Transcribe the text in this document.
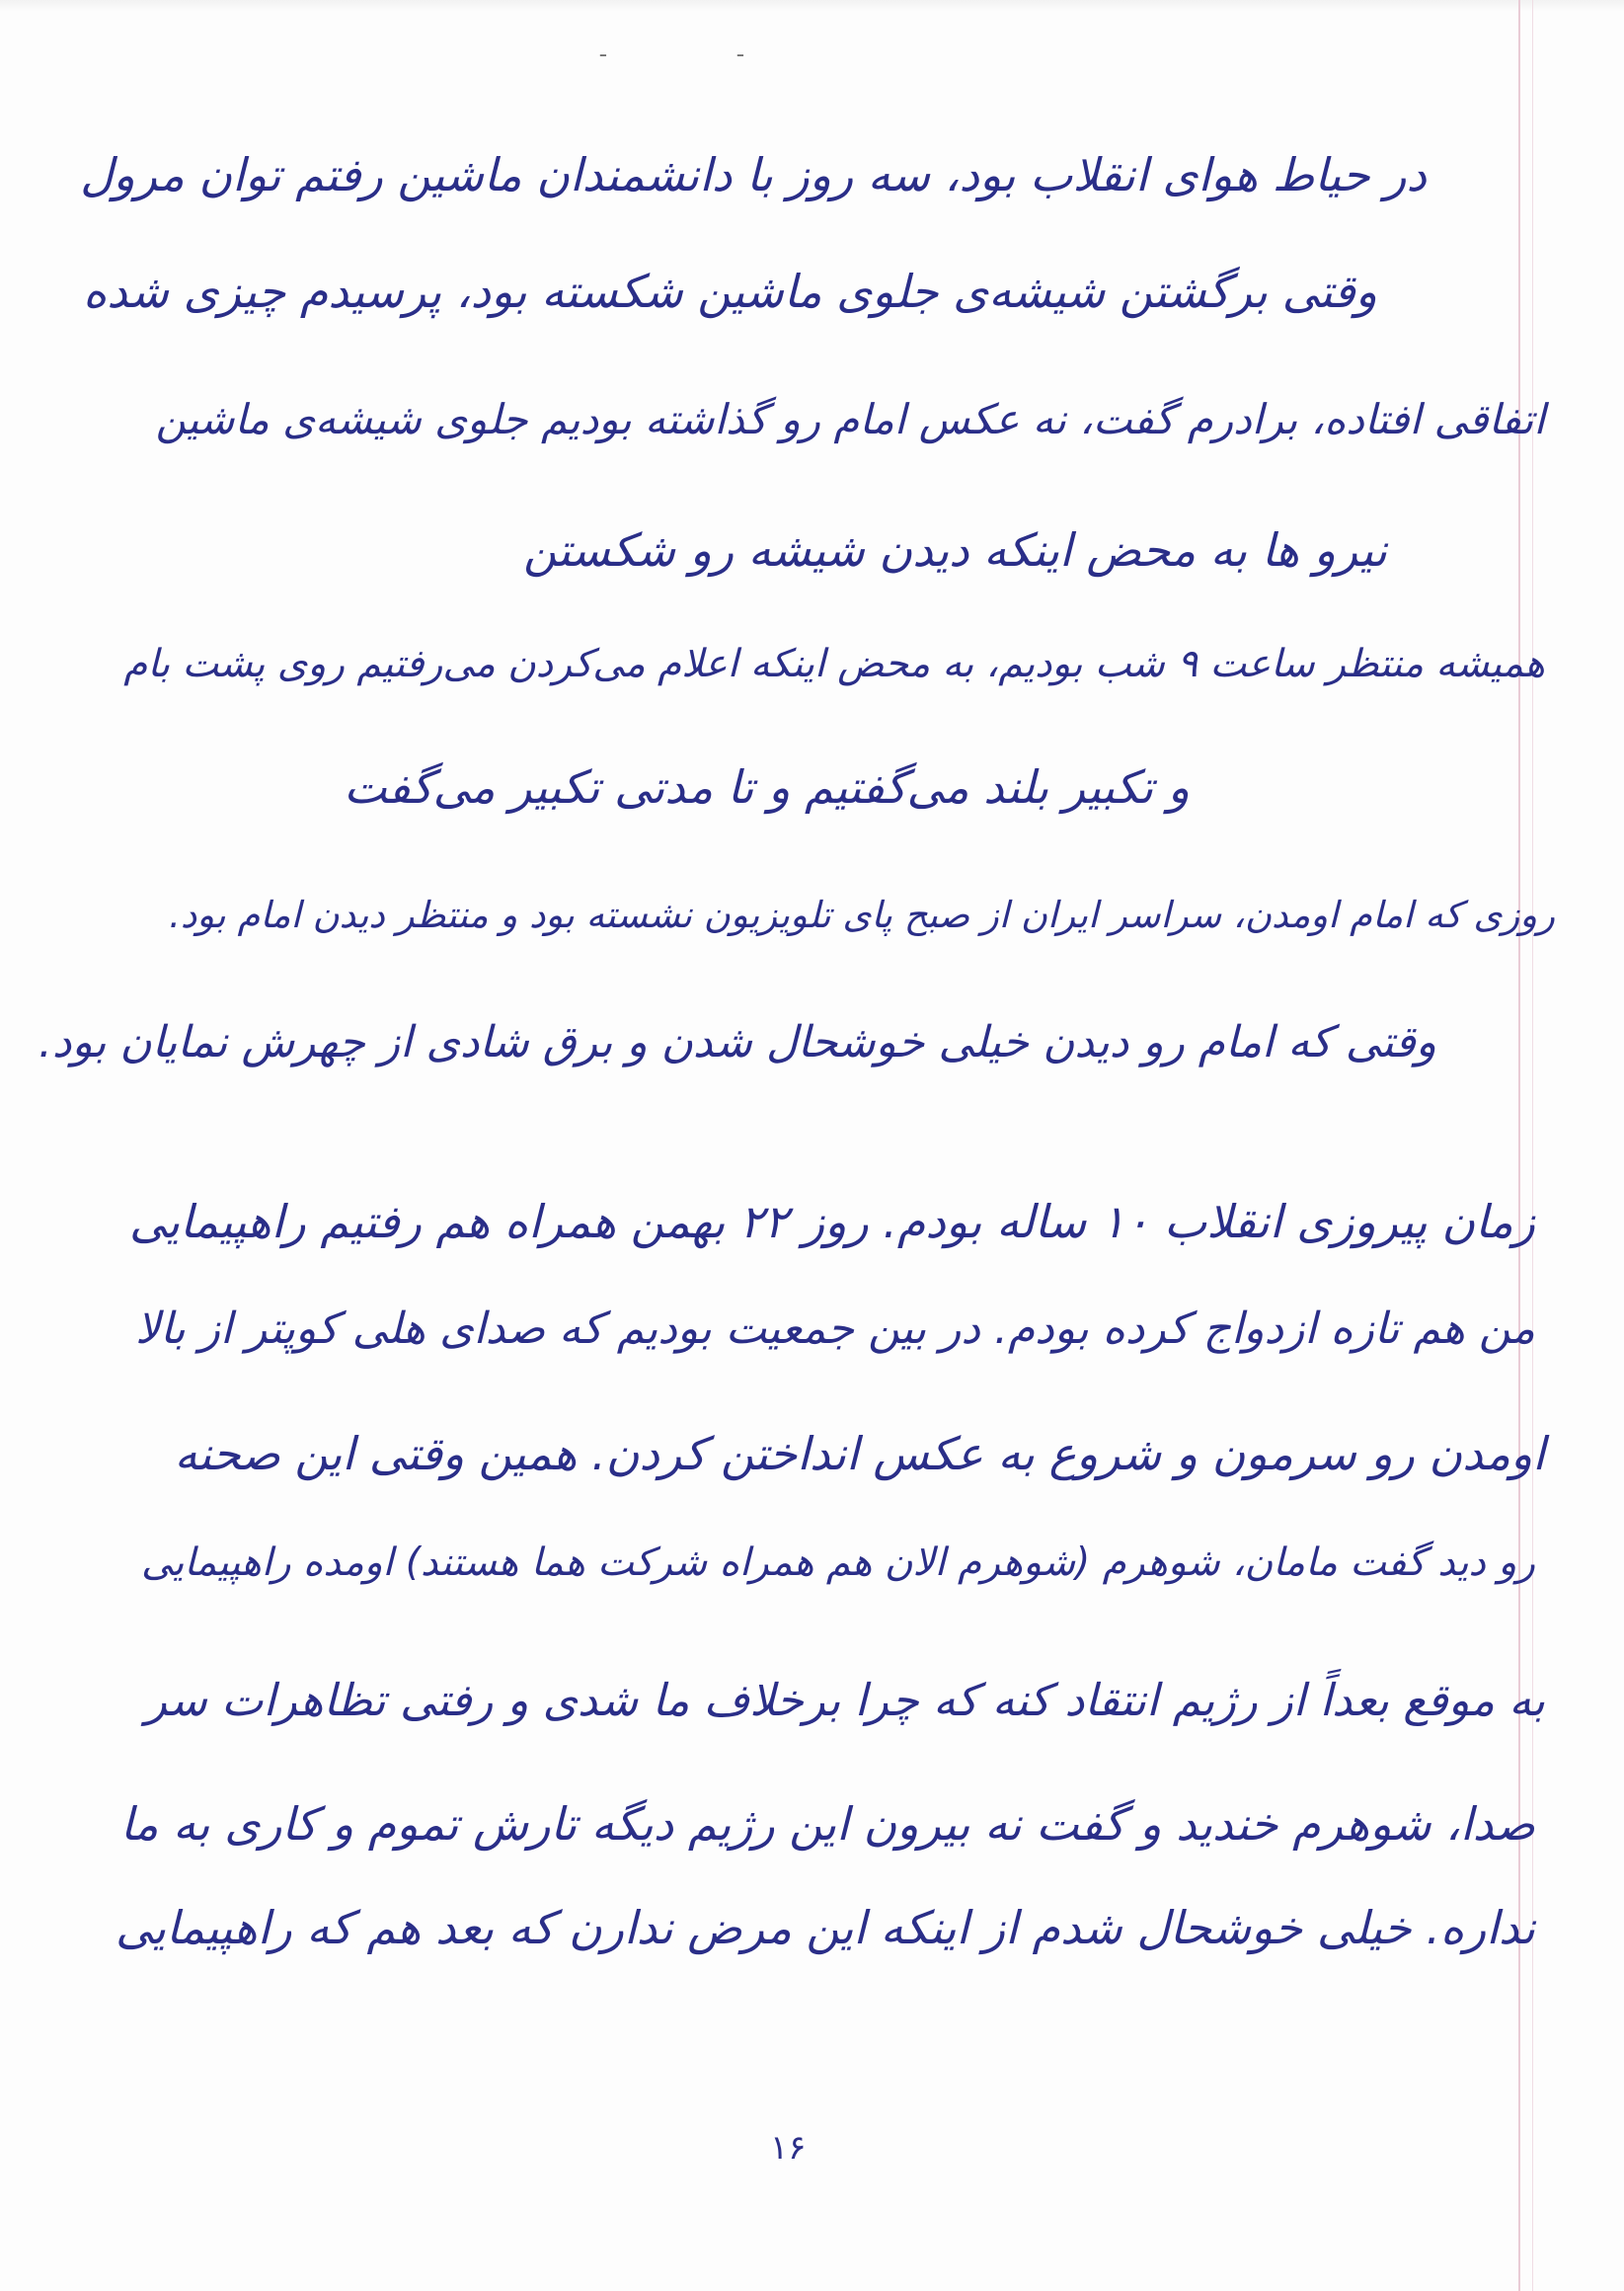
ـ	ـ
در حیاط هوای انقلاب بود، سه روز با دانشمندان ماشین رفتم توان مرول
وقتی برگشتن شیشه‌ی جلوی ماشین شکسته بود، پرسیدم چیزی شده
اتفاقی افتاده، برادرم گفت، نه عکس امام رو گذاشته بودیم جلوی شیشه‌ی ماشین
نیرو ها به محض اینکه دیدن شیشه رو شکستن
همیشه منتظر ساعت ۹ شب بودیم، به محض اینکه اعلام می‌کردن می‌رفتیم روی پشت بام
و تکبیر بلند می‌گفتیم و تا مدتی تکبیر می‌گفت
روزی که امام اومدن، سراسر ایران از صبح پای تلویزیون نشسته بود و منتظر دیدن امام بود.
وقتی که امام رو دیدن خیلی خوشحال شدن و برق شادی از چهرش نمایان بود.
زمان پیروزی انقلاب ۱۰ ساله بودم. روز ۲۲ بهمن همراه هم رفتیم راهپیمایی
من هم تازه ازدواج کرده بودم. در بین جمعیت بودیم که صدای هلی کوپتر از بالا
اومدن رو سرمون و شروع به عکس انداختن کردن. همین وقتی این صحنه
رو دید گفت مامان، شوهرم (شوهرم الان هم همراه شرکت هما هستند) اومده راهپیمایی
به موقع بعداً از رژیم انتقاد کنه که چرا برخلاف ما شدی و رفتی تظاهرات سر
صدا، شوهرم خندید و گفت نه بیرون این رژیم دیگه تارش تموم و کاری به ما
نداره. خیلی خوشحال شدم از اینکه این مرض ندارن که بعد هم که راهپیمایی
۱۶
